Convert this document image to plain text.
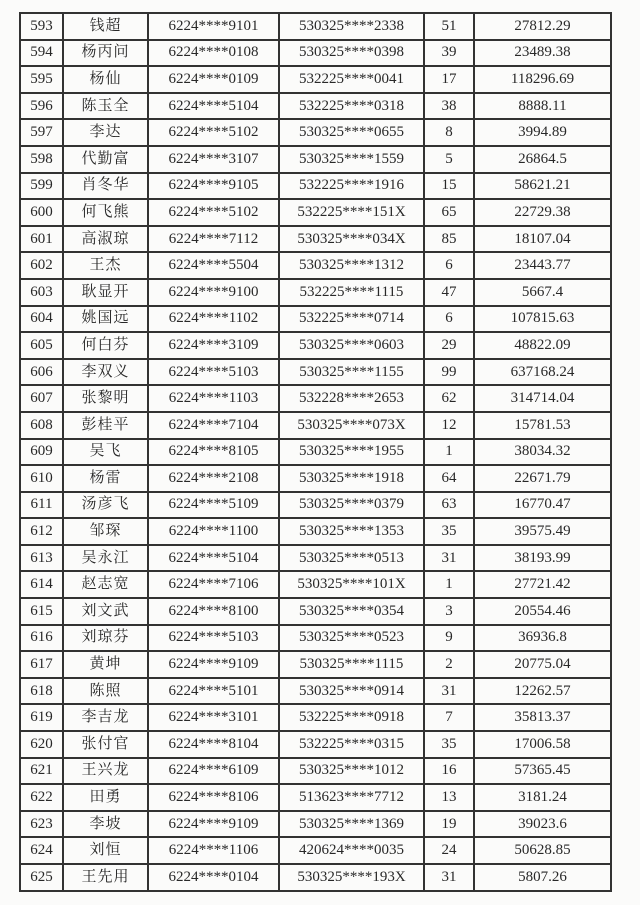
593	钱超	6224****9101	530325****2338	51	27812.29
594	杨丙问	6224****0108	530325****0398	39	23489.38
595	杨仙	6224****0109	532225****0041	17	118296.69
596	陈玉全	6224****5104	532225****0318	38	8888.11
597	李达	6224****5102	530325****0655	8	3994.89
598	代勤富	6224****3107	530325****1559	5	26864.5
599	肖冬华	6224****9105	532225****1916	15	58621.21
600	何飞熊	6224****5102	532225****151X	65	22729.38
601	高淑琼	6224****7112	530325****034X	85	18107.04
602	王杰	6224****5504	530325****1312	6	23443.77
603	耿显开	6224****9100	532225****1115	47	5667.4
604	姚国远	6224****1102	532225****0714	6	107815.63
605	何白芬	6224****3109	530325****0603	29	48822.09
606	李双义	6224****5103	530325****1155	99	637168.24
607	张黎明	6224****1103	532228****2653	62	314714.04
608	彭桂平	6224****7104	530325****073X	12	15781.53
609	吴飞	6224****8105	530325****1955	1	38034.32
610	杨雷	6224****2108	530325****1918	64	22671.79
611	汤彦飞	6224****5109	530325****0379	63	16770.47
612	邹琛	6224****1100	530325****1353	35	39575.49
613	吴永江	6224****5104	530325****0513	31	38193.99
614	赵志宽	6224****7106	530325****101X	1	27721.42
615	刘文武	6224****8100	530325****0354	3	20554.46
616	刘琼芬	6224****5103	530325****0523	9	36936.8
617	黄坤	6224****9109	530325****1115	2	20775.04
618	陈照	6224****5101	530325****0914	31	12262.57
619	李吉龙	6224****3101	532225****0918	7	35813.37
620	张付官	6224****8104	532225****0315	35	17006.58
621	王兴龙	6224****6109	530325****1012	16	57365.45
622	田勇	6224****8106	513623****7712	13	3181.24
623	李坡	6224****9109	530325****1369	19	39023.6
624	刘恒	6224****1106	420624****0035	24	50628.85
625	王先用	6224****0104	530325****193X	31	5807.26
